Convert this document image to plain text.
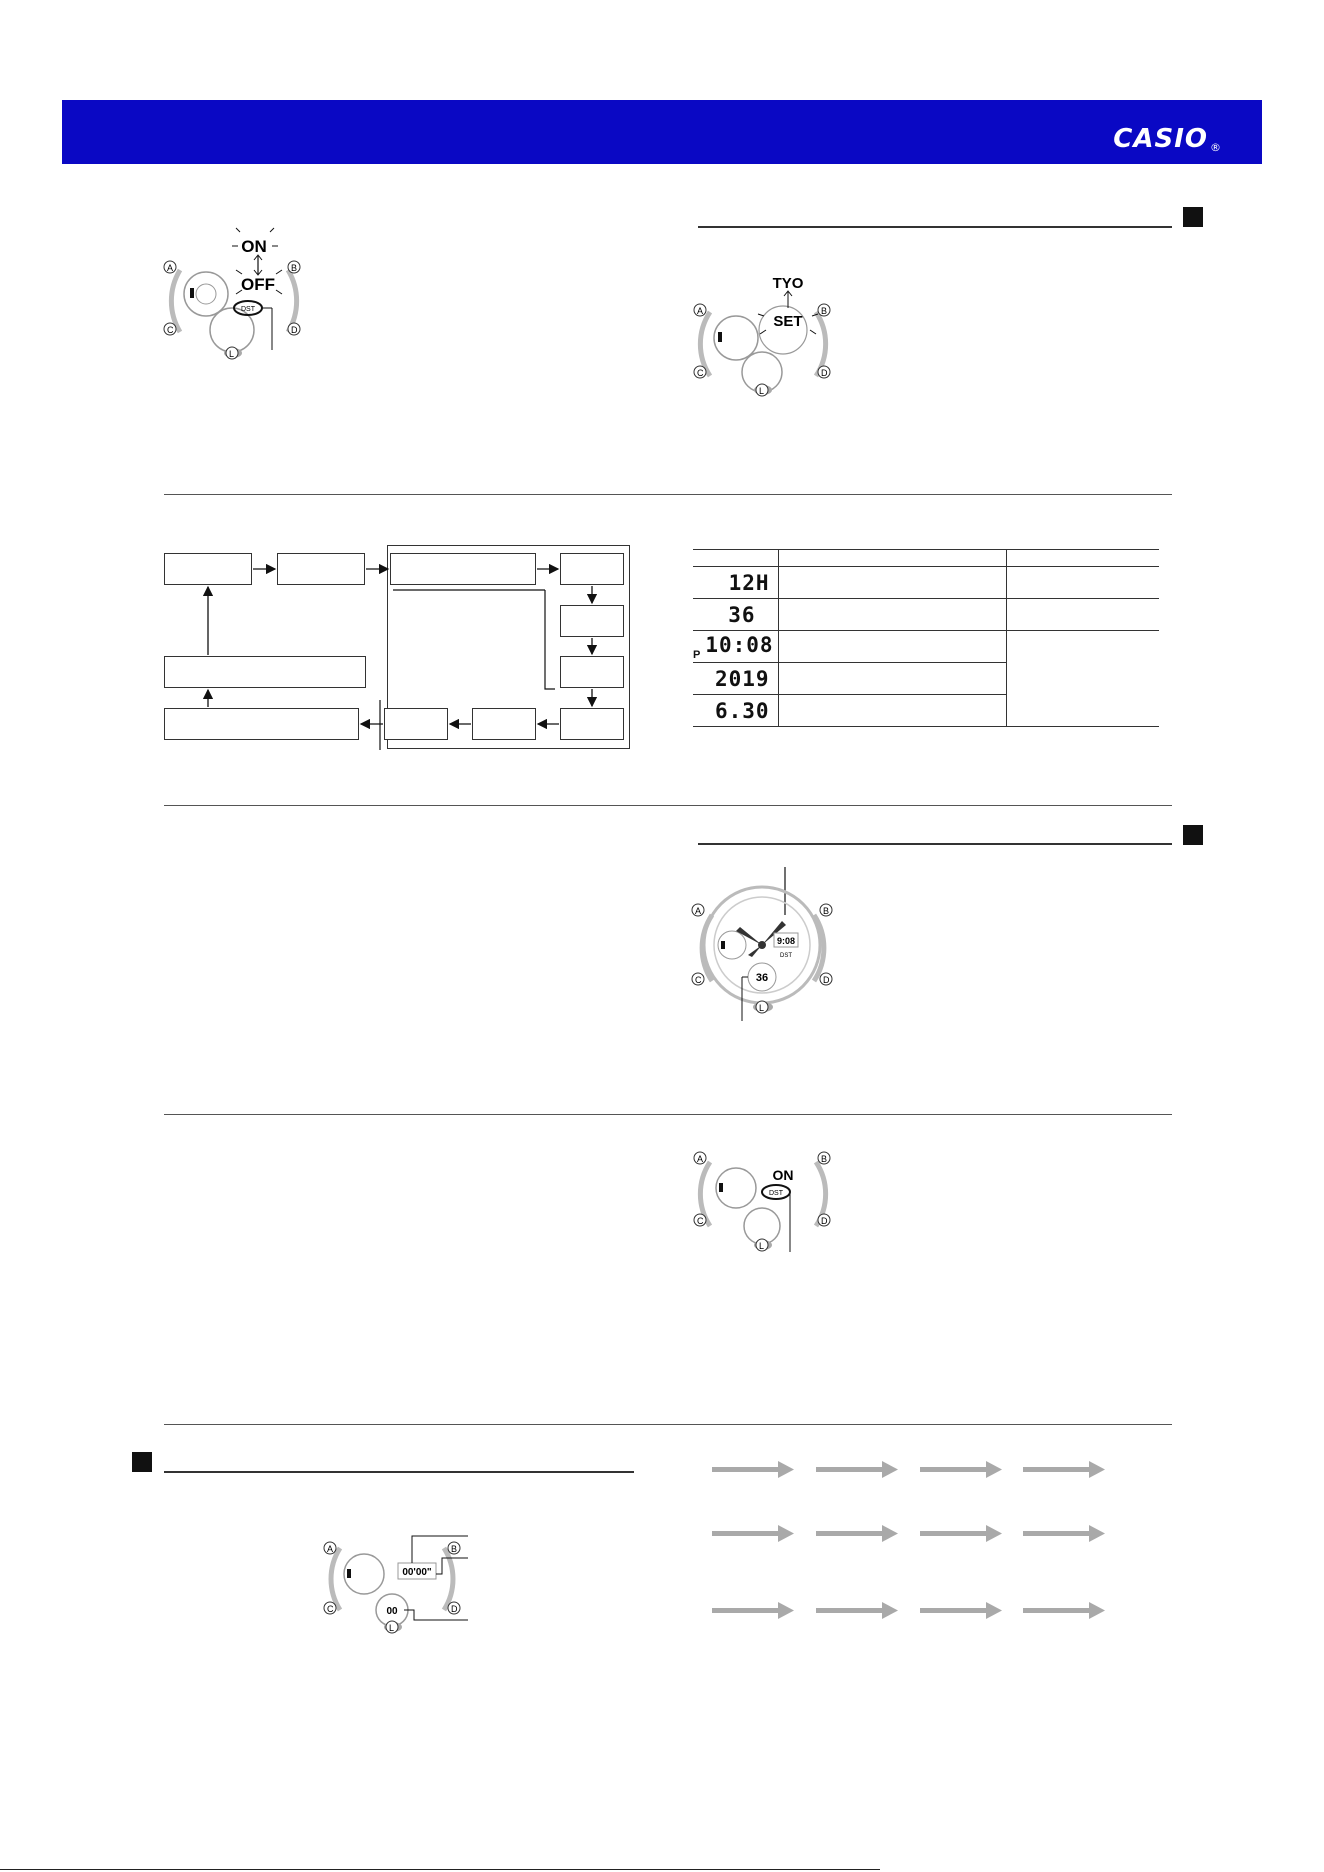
CASIO ®
A	B
C	D
L
ON
OFF
DST	A	B
C	D
L
TYO
SET

12H		
36		
$_P$ 10:08		
2019		
6.30		
9:08
DST
36
A	B
C	D
L
ON
DST
A	B
C	D
L
00'00"
00
A	B
C	D
L
